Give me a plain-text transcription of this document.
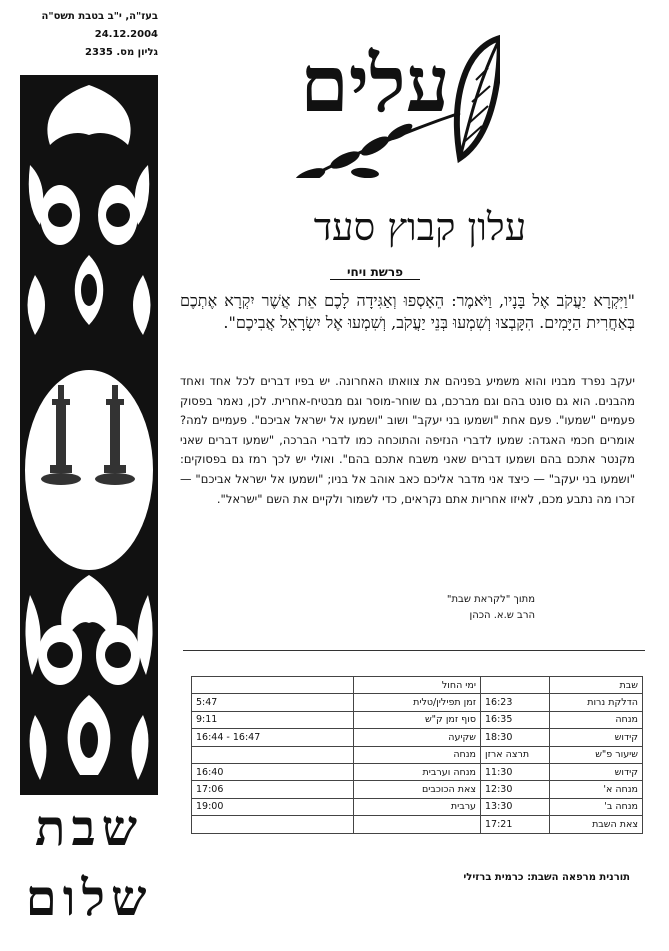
בעז"ה, י"ב בטבת תשס"ה
24.12.2004
גליון מס. 2335
שבת
שלום
עלים
עלון קבוץ סעד
פרשת ויחי
"וַיִּקְרָא יַעֲקֹב אֶל בָּנָיו, וַיֹּאמֶר: הֵאָסְפוּ וְאַגִּידָה לָכֶם אֵת אֲשֶׁר יִקְרָא אֶתְכֶם בְּאַחֲרִית הַיָּמִים. הִקָּבְצוּ וְשִׁמְעוּ בְּנֵי יַעֲקֹב, וְשִׁמְעוּ אֶל יִשְׂרָאֵל אֲבִיכֶם".
יעקב נפרד מבניו והוא משמיע בפניהם את צוואתו האחרונה. יש בפיו דברים לכל אחד ואחד מהבנים. הוא גם סונט בהם וגם מברכם, גם שוחר-מוסר וגם מבטיח-אחרית. לכן, נאמר בפסוק פעמיים "שמעו". פעם אחת "ושמעו בני יעקב" ושוב "ושמעו אל ישראל אביכם". פעמיים למה? אומרים חכמי האגדה: שמעו לדברי הנזיפה והתוכחה כמו לדברי הברכה, "שמעו דברים שאני מקנטר אתכם בהם ושמעו דברים שאני משבח אתכם בהם". ואולי יש לכך רמז גם בפסוקים: "ושמעו בני יעקב" — כיצד אני מדבר אליכם כאב אוהב אל בניו; "ושמעו אל ישראל אביכם" — זכרו מה נתבע מכם, לאיזו אחריות אתם נקראים, כדי לשמור ולקיים את השם "ישראל".
מתוך "לקראת שבת"
הרב ש.א. הכהן
שבת		ימי החול	
הדלקת נרות	16:23	זמן תפילין/טלית	5:47
מנחה	16:35	סוף זמן ק"ש	9:11
קידוש	18:30	שקיעה	16:47 - 16:44
שיעור פ"ש	תרצה ארזן	מנחה	
קידוש	11:30	מנחה וערבית	16:40
מנחה א'	12:30	צאת הכוכבים	17:06
מנחה ב'	13:30	ערבית	19:00
צאת השבת	17:21		
תורנית מרפאה השבת: כרמית ברזילי
